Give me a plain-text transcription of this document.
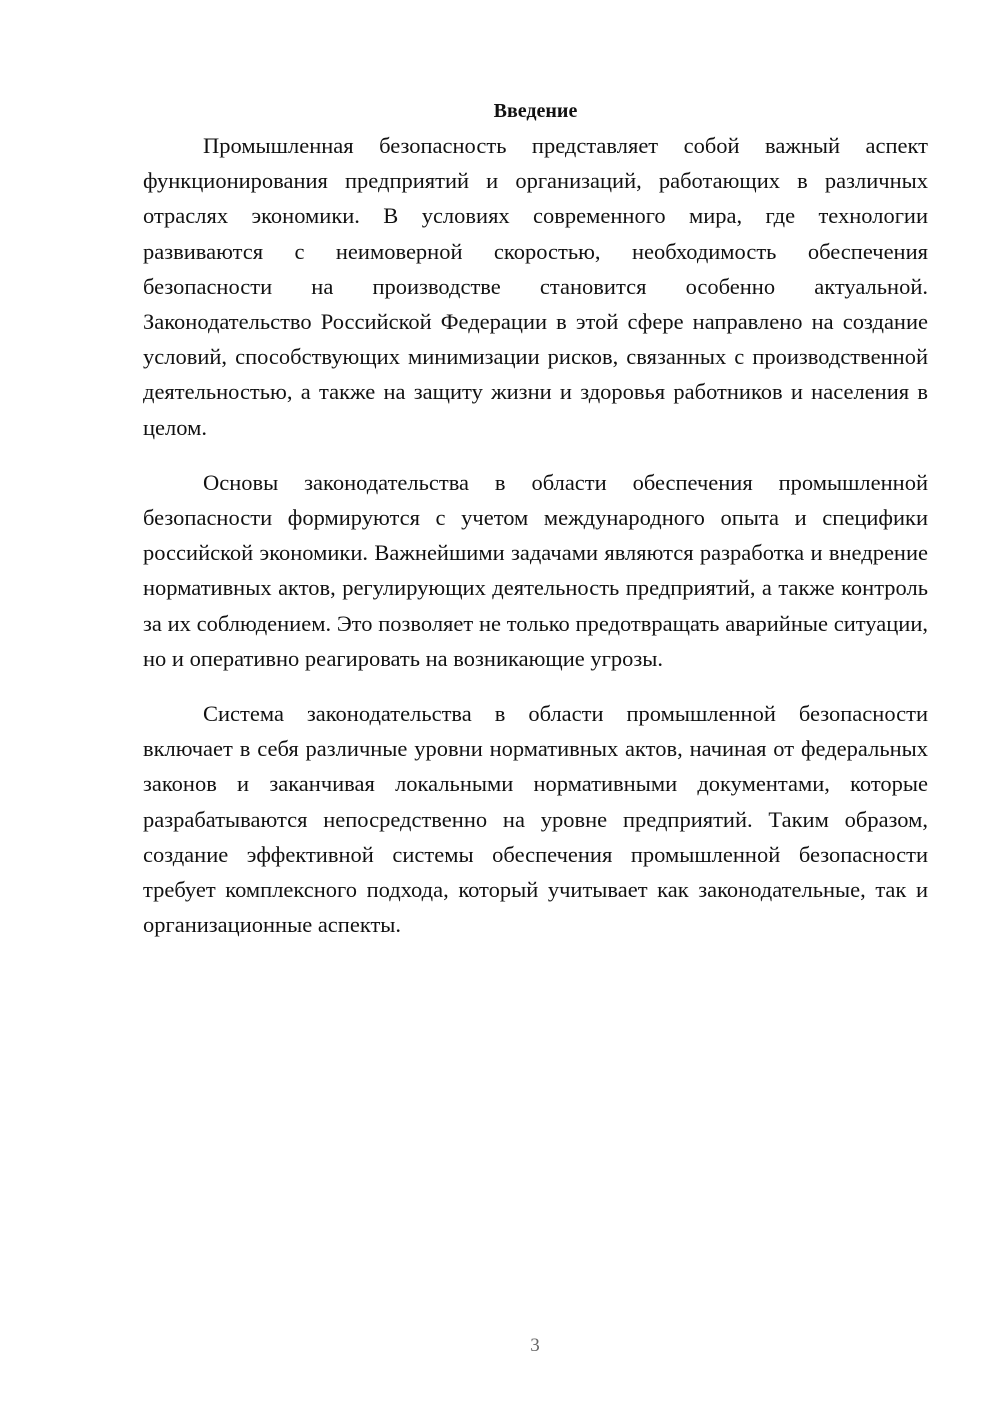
Введение

Промышленная безопасность представляет собой важный аспект функционирования предприятий и организаций, работающих в различных отраслях экономики. В условиях современного мира, где технологии развиваются с неимоверной скоростью, необходимость обеспечения безопасности на производстве становится особенно актуальной. Законодательство Российской Федерации в этой сфере направлено на создание условий, способствующих минимизации рисков, связанных с производственной деятельностью, а также на защиту жизни и здоровья работников и населения в целом.

Основы законодательства в области обеспечения промышленной безопасности формируются с учетом международного опыта и специфики российской экономики. Важнейшими задачами являются разработка и внедрение нормативных актов, регулирующих деятельность предприятий, а также контроль за их соблюдением. Это позволяет не только предотвращать аварийные ситуации, но и оперативно реагировать на возникающие угрозы.

Система законодательства в области промышленной безопасности включает в себя различные уровни нормативных актов, начиная от федеральных законов и заканчивая локальными нормативными документами, которые разрабатываются непосредственно на уровне предприятий. Таким образом, создание эффективной системы обеспечения промышленной безопасности требует комплексного подхода, который учитывает как законодательные, так и организационные аспекты.

3
